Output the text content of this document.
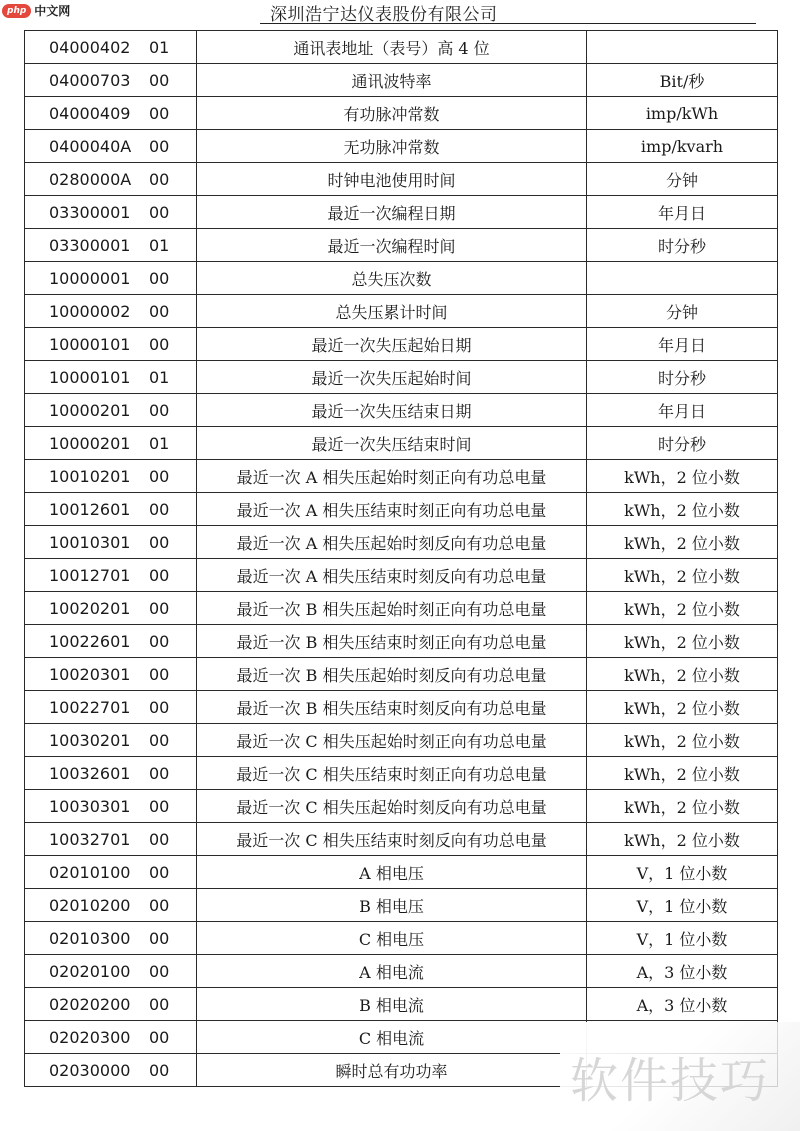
php 中文网	深圳浩宁达仪表股份有限公司
04000402 01	通讯表地址（表号）高 4 位	
04000703 00	通讯波特率	Bit/秒
04000409 00	有功脉冲常数	imp/kWh
0400040A 00	无功脉冲常数	imp/kvarh
0280000A 00	时钟电池使用时间	分钟
03300001 00	最近一次编程日期	年月日
03300001 01	最近一次编程时间	时分秒
10000001 00	总失压次数	
10000002 00	总失压累计时间	分钟
10000101 00	最近一次失压起始日期	年月日
10000101 01	最近一次失压起始时间	时分秒
10000201 00	最近一次失压结束日期	年月日
10000201 01	最近一次失压结束时间	时分秒
10010201 00	最近一次 A 相失压起始时刻正向有功总电量	kWh，2 位小数
10012601 00	最近一次 A 相失压结束时刻正向有功总电量	kWh，2 位小数
10010301 00	最近一次 A 相失压起始时刻反向有功总电量	kWh，2 位小数
10012701 00	最近一次 A 相失压结束时刻反向有功总电量	kWh，2 位小数
10020201 00	最近一次 B 相失压起始时刻正向有功总电量	kWh，2 位小数
10022601 00	最近一次 B 相失压结束时刻正向有功总电量	kWh，2 位小数
10020301 00	最近一次 B 相失压起始时刻反向有功总电量	kWh，2 位小数
10022701 00	最近一次 B 相失压结束时刻反向有功总电量	kWh，2 位小数
10030201 00	最近一次 C 相失压起始时刻正向有功总电量	kWh，2 位小数
10032601 00	最近一次 C 相失压结束时刻正向有功总电量	kWh，2 位小数
10030301 00	最近一次 C 相失压起始时刻反向有功总电量	kWh，2 位小数
10032701 00	最近一次 C 相失压结束时刻反向有功总电量	kWh，2 位小数
02010100 00	A 相电压	V，1 位小数
02010200 00	B 相电压	V，1 位小数
02010300 00	C 相电压	V，1 位小数
02020100 00	A 相电流	A，3 位小数
02020200 00	B 相电流	A，3 位小数
02020300 00	C 相电流	
02030000 00	瞬时总有功功率		软件技巧
